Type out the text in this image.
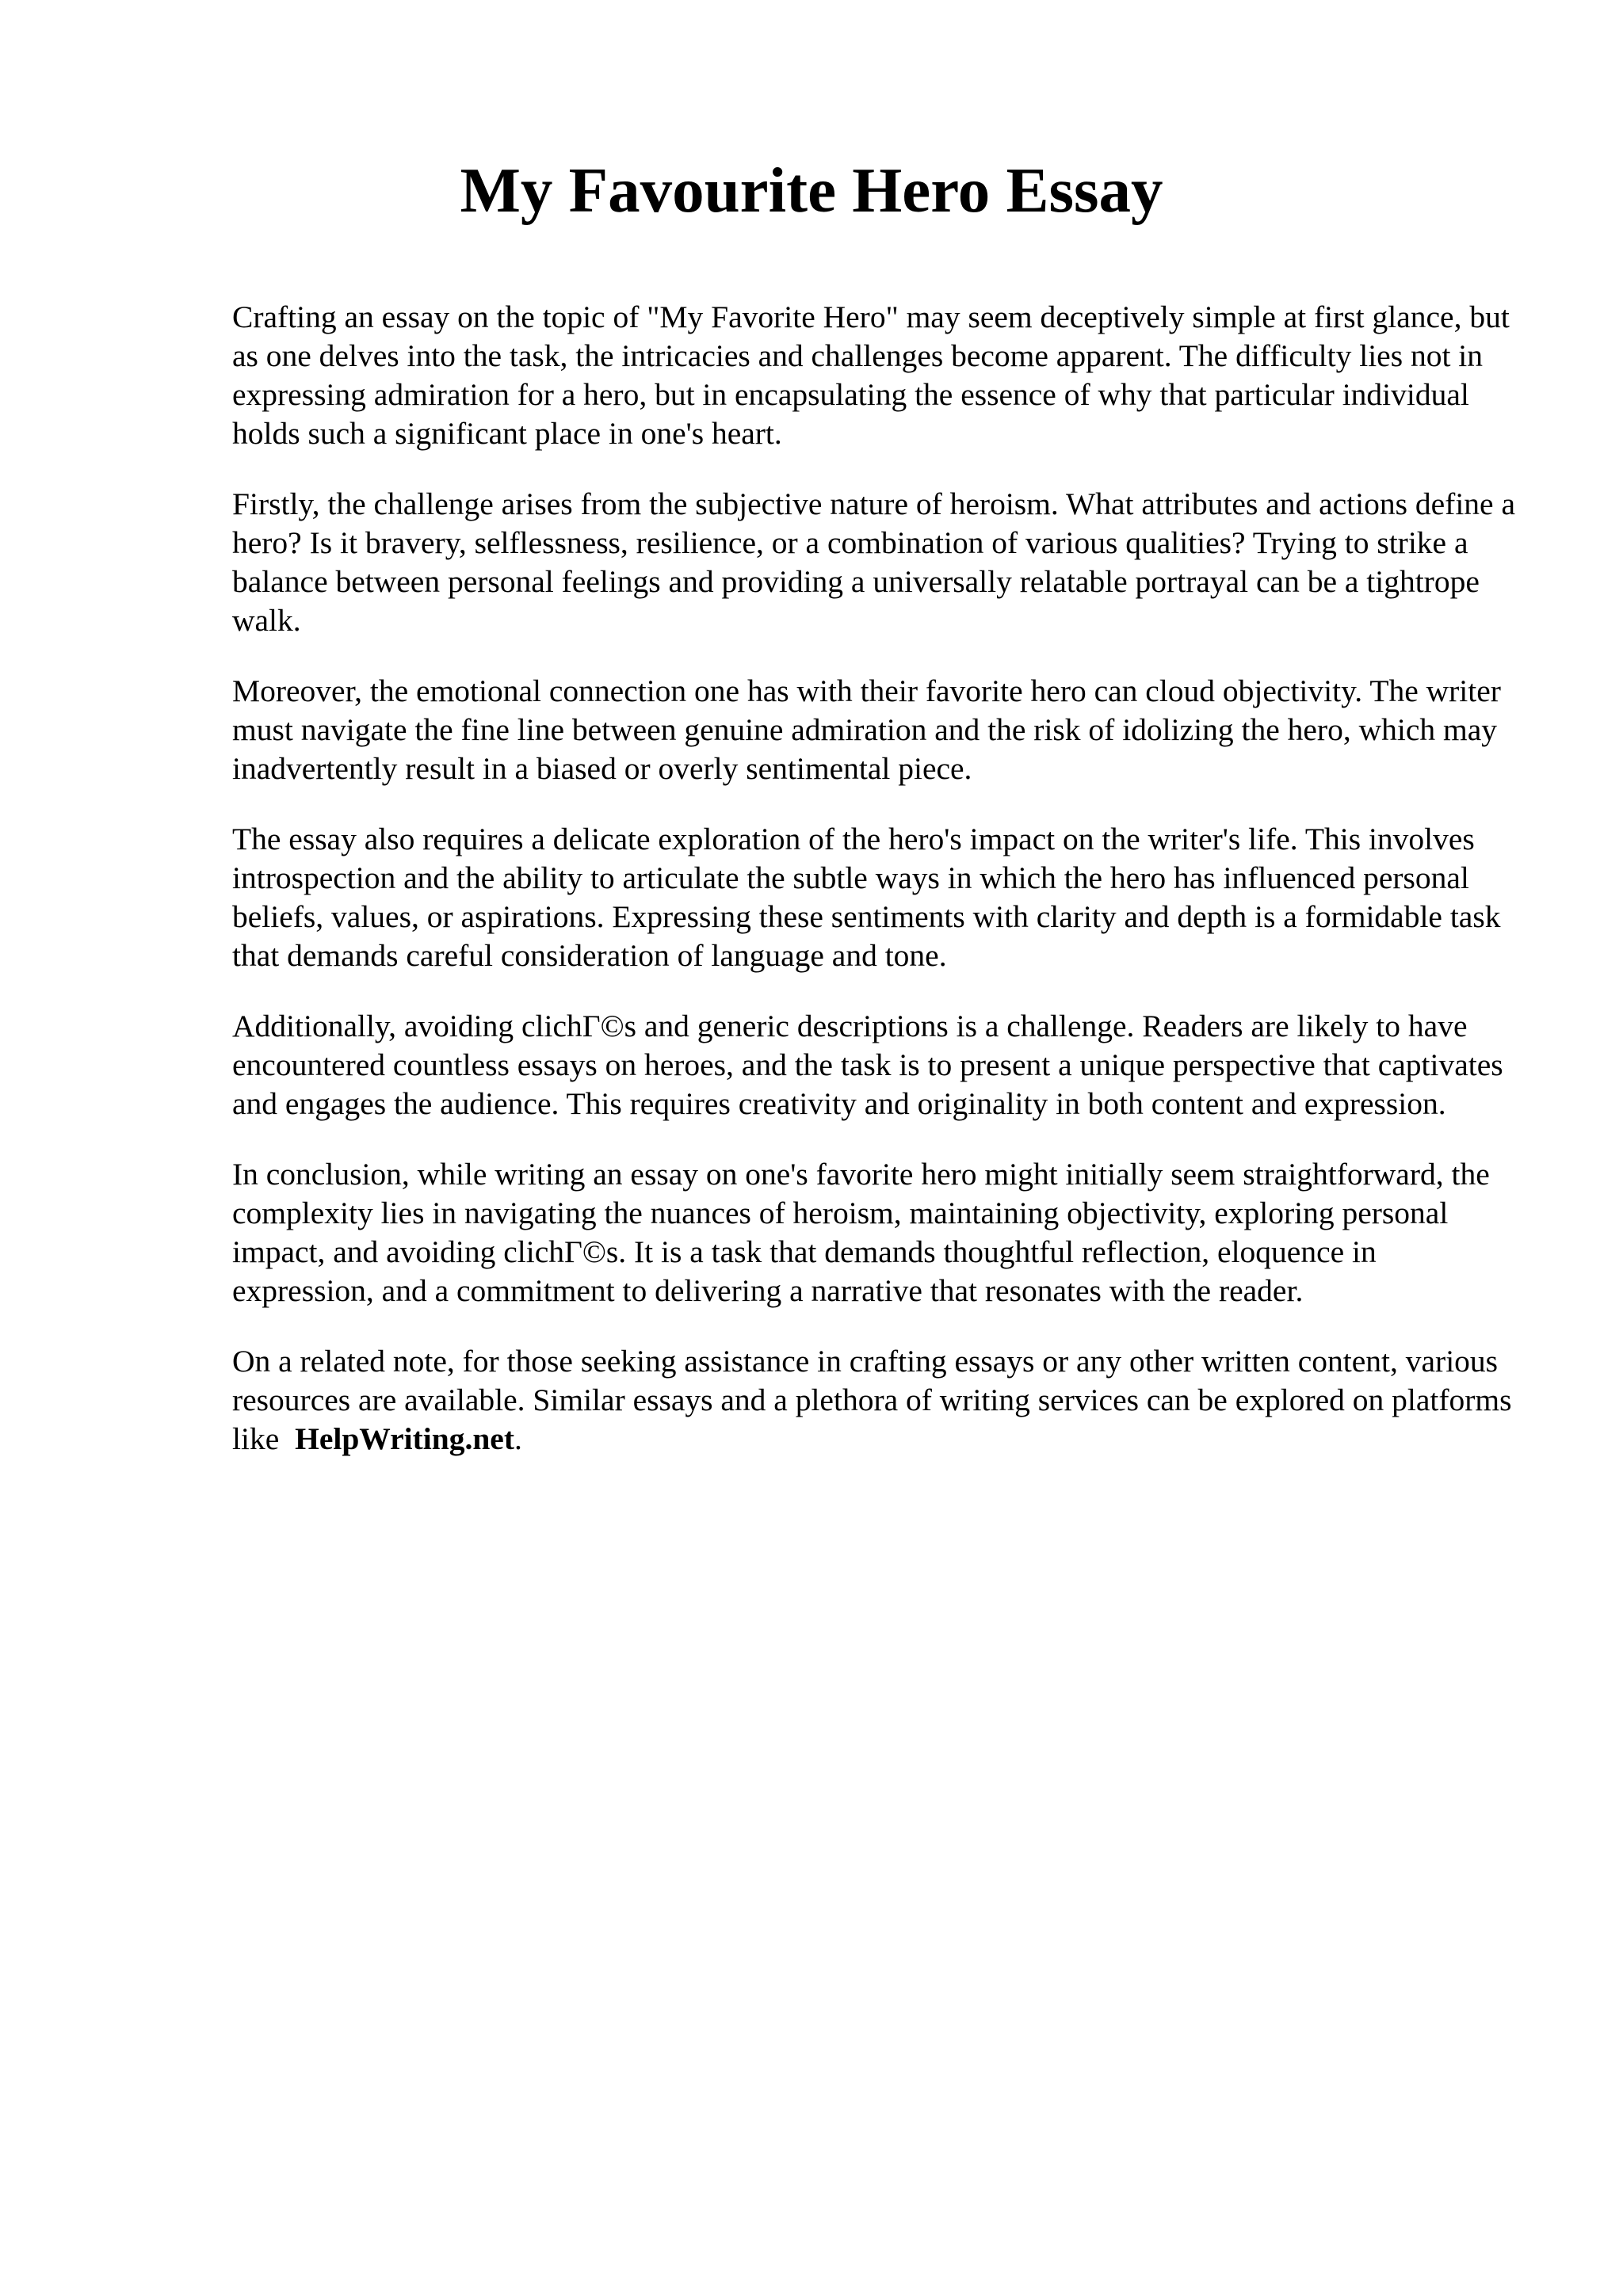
My Favourite Hero Essay

Crafting an essay on the topic of "My Favorite Hero" may seem deceptively simple at first glance, but as one delves into the task, the intricacies and challenges become apparent. The difficulty lies not in expressing admiration for a hero, but in encapsulating the essence of why that particular individual holds such a significant place in one's heart.

Firstly, the challenge arises from the subjective nature of heroism. What attributes and actions define a hero? Is it bravery, selflessness, resilience, or a combination of various qualities? Trying to strike a balance between personal feelings and providing a universally relatable portrayal can be a tightrope walk.

Moreover, the emotional connection one has with their favorite hero can cloud objectivity. The writer must navigate the fine line between genuine admiration and the risk of idolizing the hero, which may inadvertently result in a biased or overly sentimental piece.

The essay also requires a delicate exploration of the hero's impact on the writer's life. This involves introspection and the ability to articulate the subtle ways in which the hero has influenced personal beliefs, values, or aspirations. Expressing these sentiments with clarity and depth is a formidable task that demands careful consideration of language and tone.

Additionally, avoiding clichГ©s and generic descriptions is a challenge. Readers are likely to have encountered countless essays on heroes, and the task is to present a unique perspective that captivates and engages the audience. This requires creativity and originality in both content and expression.

In conclusion, while writing an essay on one's favorite hero might initially seem straightforward, the complexity lies in navigating the nuances of heroism, maintaining objectivity, exploring personal impact, and avoiding clichГ©s. It is a task that demands thoughtful reflection, eloquence in expression, and a commitment to delivering a narrative that resonates with the reader.

On a related note, for those seeking assistance in crafting essays or any other written content, various resources are available. Similar essays and a plethora of writing services can be explored on platforms like HelpWriting.net.
